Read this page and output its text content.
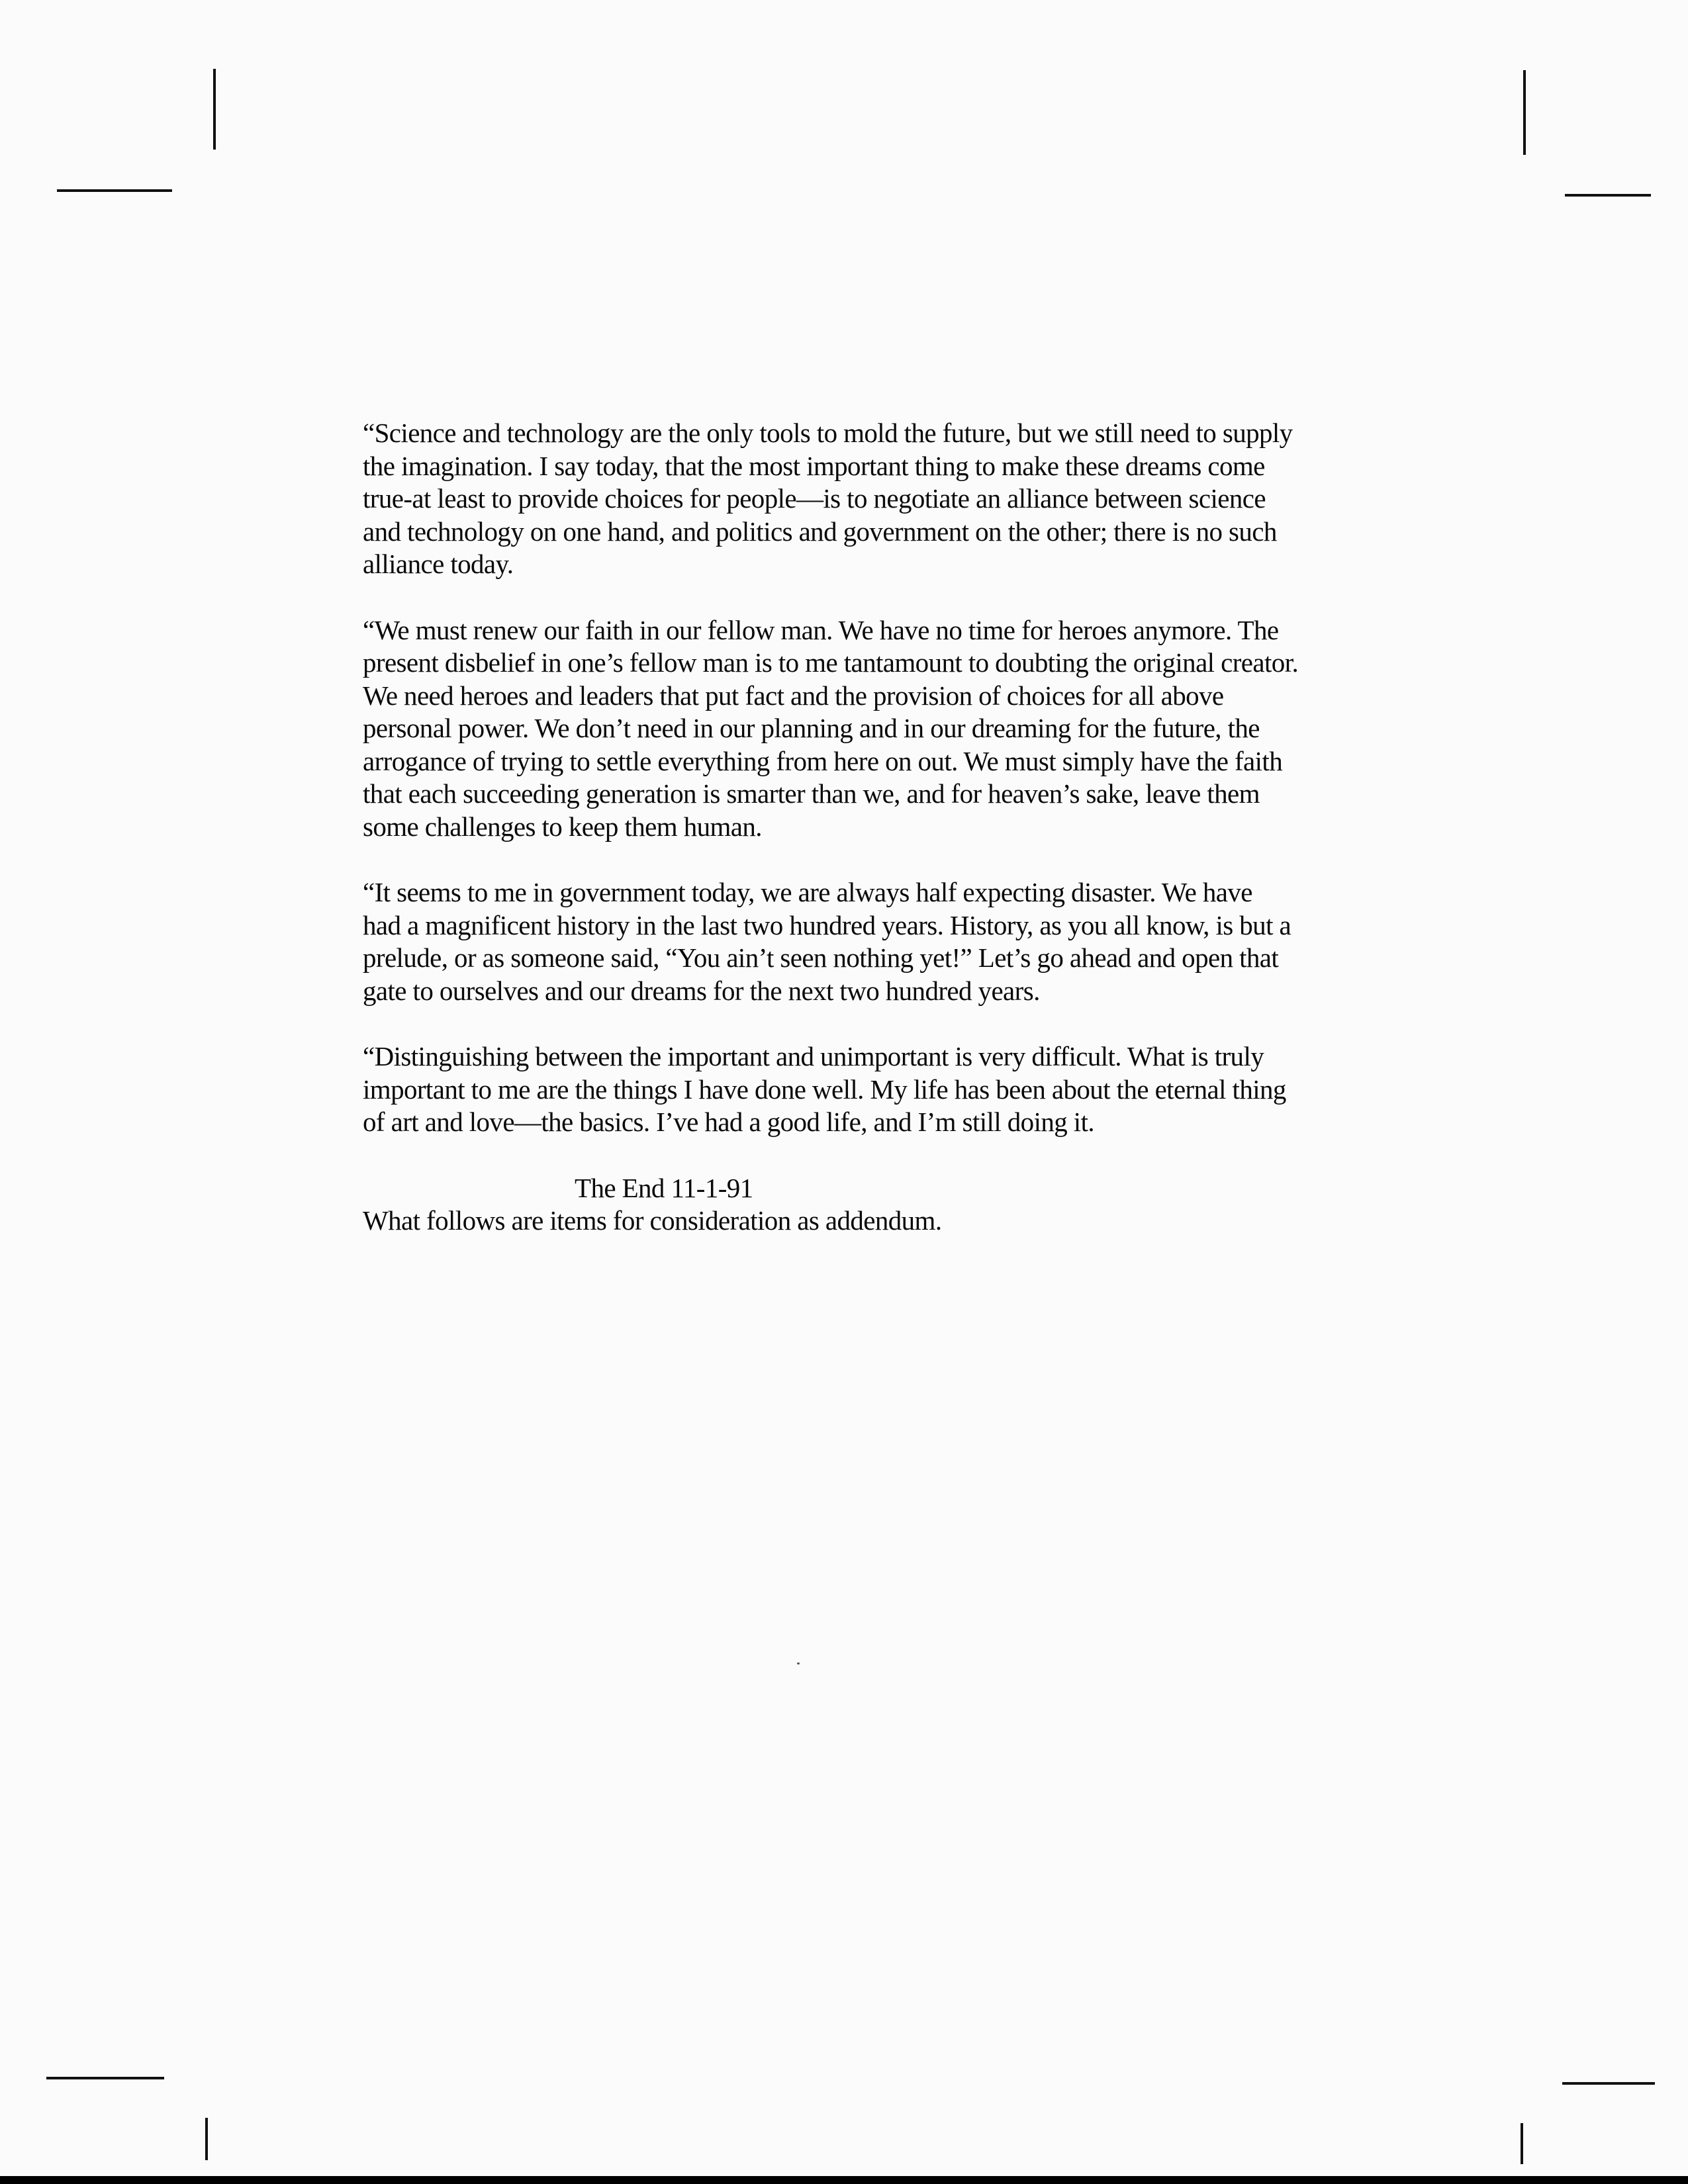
“Science and technology are the only tools to mold the future, but we still need to supply
the imagination. I say today, that the most important thing to make these dreams come
true-at least to provide choices for people—is to negotiate an alliance between science
and technology on one hand, and politics and government on the other; there is no such
alliance today.

“We must renew our faith in our fellow man. We have no time for heroes anymore. The
present disbelief in one’s fellow man is to me tantamount to doubting the original creator.
We need heroes and leaders that put fact and the provision of choices for all above
personal power. We don’t need in our planning and in our dreaming for the future, the
arrogance of trying to settle everything from here on out. We must simply have the faith
that each succeeding generation is smarter than we, and for heaven’s sake, leave them
some challenges to keep them human.

“It seems to me in government today, we are always half expecting disaster. We have
had a magnificent history in the last two hundred years. History, as you all know, is but a
prelude, or as someone said, “You ain’t seen nothing yet!” Let’s go ahead and open that
gate to ourselves and our dreams for the next two hundred years.

“Distinguishing between the important and unimportant is very difficult. What is truly
important to me are the things I have done well. My life has been about the eternal thing
of art and love—the basics. I’ve had a good life, and I’m still doing it.

The End 11-1-91

What follows are items for consideration as addendum.
